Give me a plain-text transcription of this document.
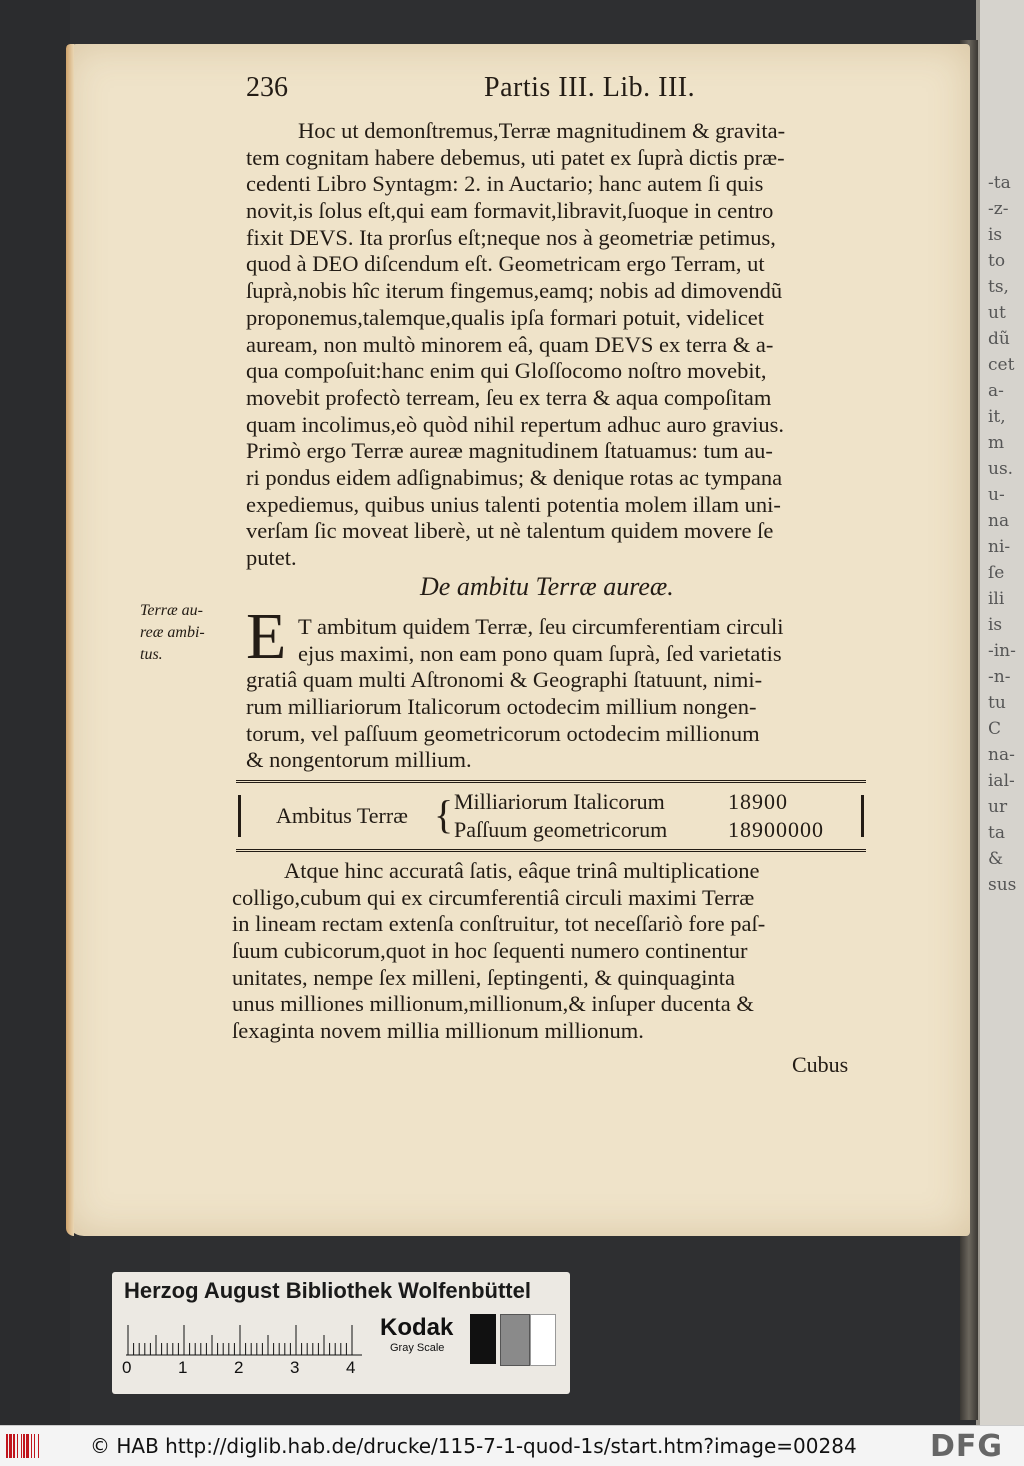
-ta
-z-
is
to
ts,
ut
dũ
cet
a-
it,
m
us.
u-
na
ni-
ſe
ili
is
-in-
-n-
tu
C
na-
ial-
ur
ta
&
sus
236	Partis III. Lib. III.
Hoc ut demonſtremus,Terræ magnitudinem & gravita-
tem cognitam habere debemus, uti patet ex ſuprà dictis præ-
cedenti Libro Syntagm: 2. in Auctario; hanc autem ſi quis
novit,is ſolus eſt,qui eam formavit,libravit,ſuoque in centro
fixit DEVS. Ita prorſus eſt;neque nos à geometriæ petimus,
quod à DEO diſcendum eſt. Geometricam ergo Terram, ut
ſuprà,nobis hîc iterum fingemus,eamq; nobis ad dimovendũ
proponemus,talemque,qualis ipſa formari potuit, videlicet
auream, non multò minorem eâ, quam DEVS ex terra & a-
qua compoſuit:hanc enim qui Gloſſocomo noſtro movebit,
movebit profectò terream, ſeu ex terra & aqua compoſitam
quam incolimus,eò quòd nihil repertum adhuc auro gravius.
Primò ergo Terræ aureæ magnitudinem ſtatuamus: tum au-
ri pondus eidem adſignabimus; & denique rotas ac tympana
expediemus, quibus unius talenti potentia molem illam uni-
verſam ſic moveat liberè, ut nè talentum quidem movere ſe
putet.
De ambitu Terræ aureæ.
Terræ au-
reæ ambi-
tus.	E T ambitum quidem Terræ, ſeu circumferentiam circuli
ejus maximi, non eam pono quam ſuprà, ſed varietatis
gratiâ quam multi Aſtronomi & Geographi ſtatuunt, nimi-
rum milliariorum Italicorum octodecim millium nongen-
torum, vel paſſuum geometricorum octodecim millionum
& nongentorum millium.
Ambitus Terræ { Milliariorum Italicorum	18900
Paſſuum geometricorum	18900000
Atque hinc accuratâ ſatis, eâque trinâ multiplicatione
colligo,cubum qui ex circumferentiâ circuli maximi Terræ
in lineam rectam extenſa conſtruitur, tot neceſſariò fore paſ-
ſuum cubicorum,quot in hoc ſequenti numero continentur
unitates, nempe ſex milleni, ſeptingenti, & quinquaginta
unus milliones millionum,millionum,& inſuper ducenta &
ſexaginta novem millia millionum millionum.
Cubus
Herzog August Bibliothek Wolfenbüttel
0	1	2	3	4
Kodak
Gray Scale
© HAB http://diglib.hab.de/drucke/115-7-1-quod-1s/start.htm?image=00284 DFG
